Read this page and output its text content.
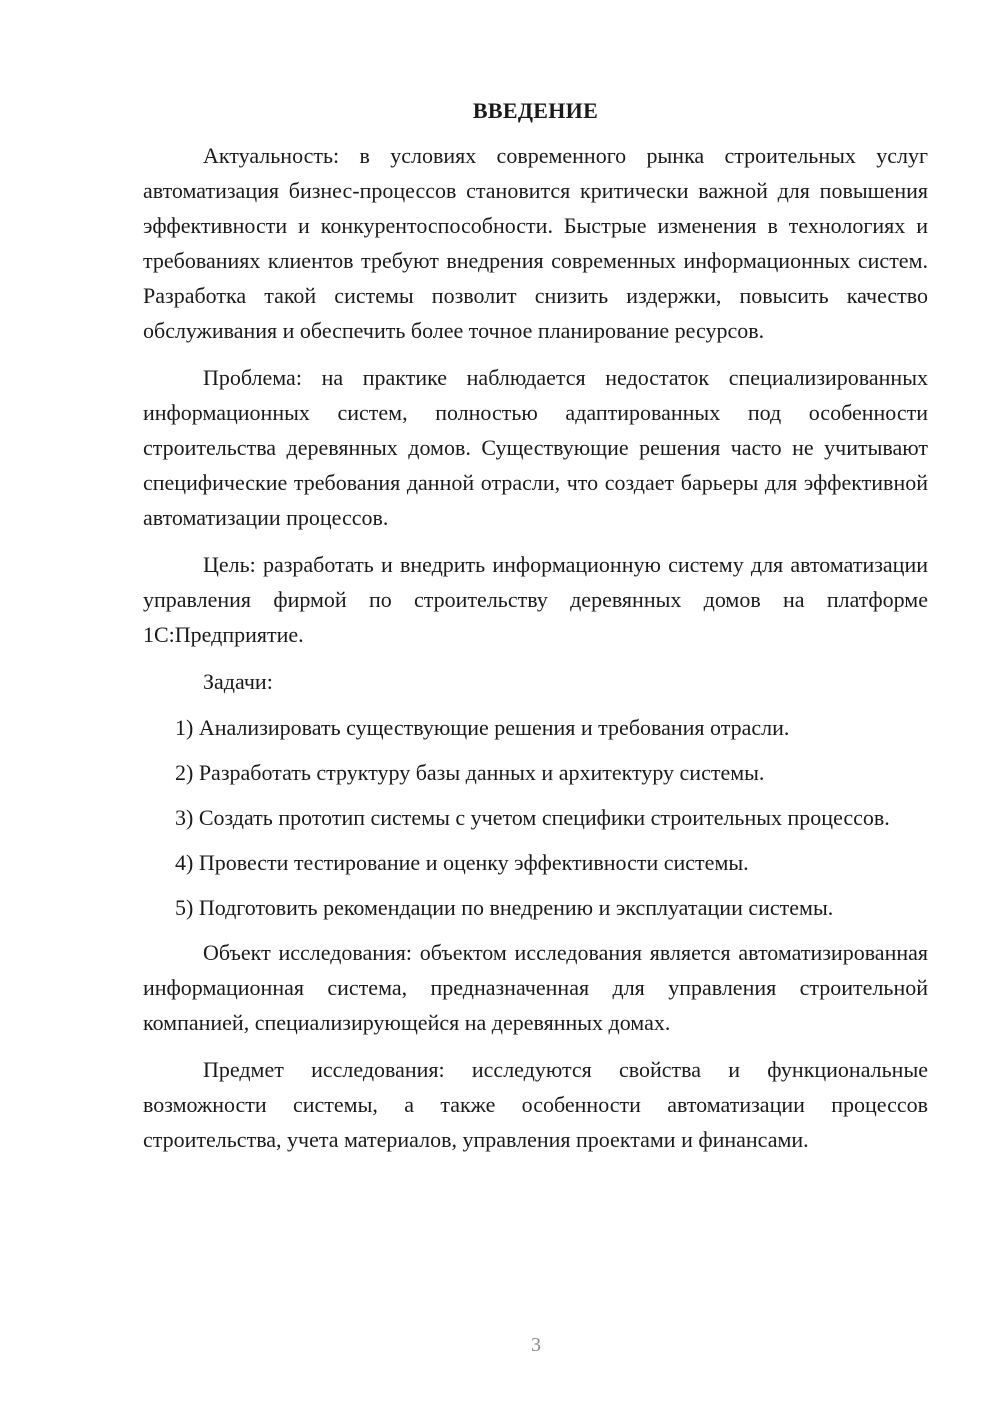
ВВЕДЕНИЕ

Актуальность: в условиях современного рынка строительных услуг автоматизация бизнес-процессов становится критически важной для повышения эффективности и конкурентоспособности. Быстрые изменения в технологиях и требованиях клиентов требуют внедрения современных информационных систем. Разработка такой системы позволит снизить издержки, повысить качество обслуживания и обеспечить более точное планирование ресурсов.

Проблема: на практике наблюдается недостаток специализированных информационных систем, полностью адаптированных под особенности строительства деревянных домов. Существующие решения часто не учитывают специфические требования данной отрасли, что создает барьеры для эффективной автоматизации процессов.

Цель: разработать и внедрить информационную систему для автоматизации управления фирмой по строительству деревянных домов на платформе 1С:Предприятие.

Задачи:

1) Анализировать существующие решения и требования отрасли.

2) Разработать структуру базы данных и архитектуру системы.

3) Создать прототип системы с учетом специфики строительных процессов.

4) Провести тестирование и оценку эффективности системы.

5) Подготовить рекомендации по внедрению и эксплуатации системы.

Объект исследования: объектом исследования является автоматизированная информационная система, предназначенная для управления строительной компанией, специализирующейся на деревянных домах.

Предмет исследования: исследуются свойства и функциональные возможности системы, а также особенности автоматизации процессов строительства, учета материалов, управления проектами и финансами.

3
